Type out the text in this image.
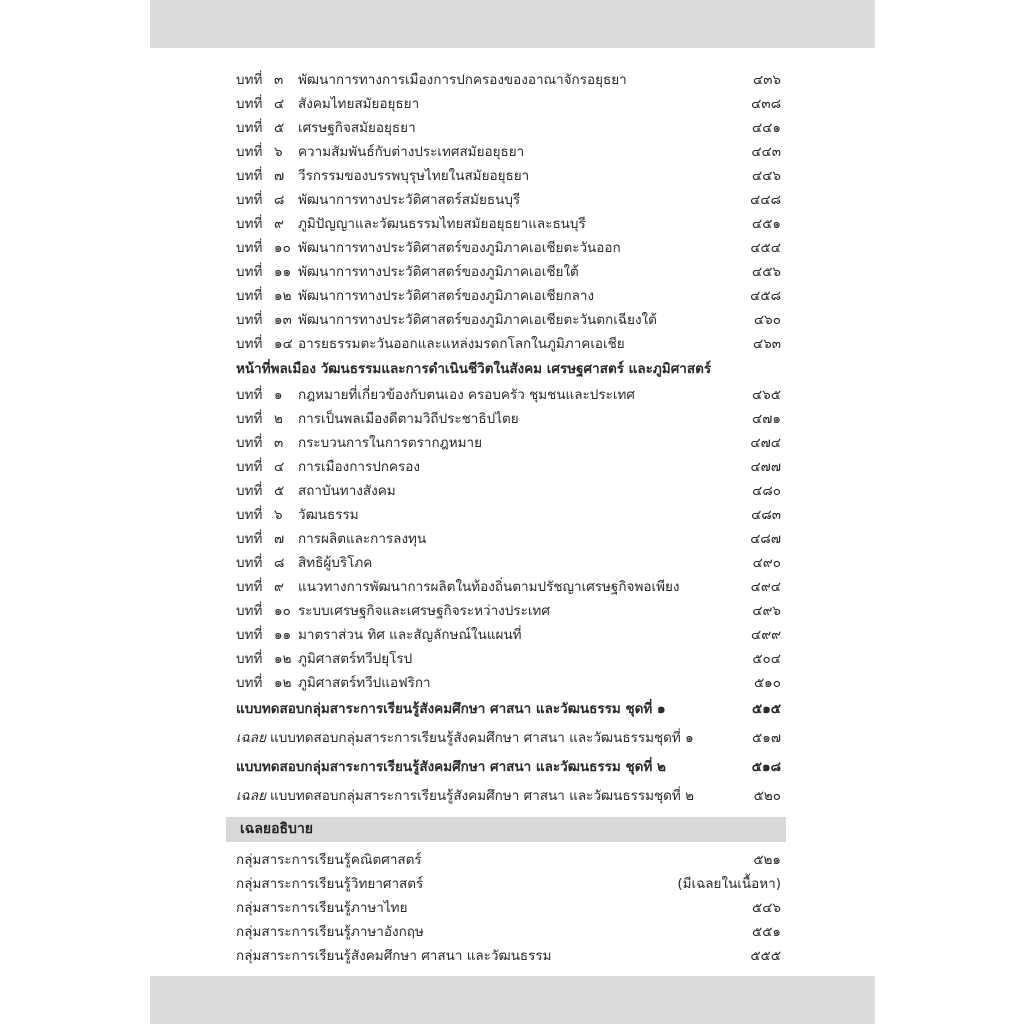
บทที่ ๓ พัฒนาการทางการเมืองการปกครองของอาณาจักรอยุธยา	๔๓๖
บทที่ ๔ สังคมไทยสมัยอยุธยา	๔๓๘
บทที่ ๕ เศรษฐกิจสมัยอยุธยา	๔๔๑
บทที่ ๖ ความสัมพันธ์กับต่างประเทศสมัยอยุธยา	๔๔๓
บทที่ ๗ วีรกรรมของบรรพบุรุษไทยในสมัยอยุธยา	๔๔๖
บทที่ ๘ พัฒนาการทางประวัติศาสตร์สมัยธนบุรี	๔๔๘
บทที่ ๙ ภูมิปัญญาและวัฒนธรรมไทยสมัยอยุธยาและธนบุรี	๔๕๑
บทที่ ๑๐ พัฒนาการทางประวัติศาสตร์ของภูมิภาคเอเชียตะวันออก	๔๕๔
บทที่ ๑๑ พัฒนาการทางประวัติศาสตร์ของภูมิภาคเอเชียใต้	๔๕๖
บทที่ ๑๒ พัฒนาการทางประวัติศาสตร์ของภูมิภาคเอเชียกลาง	๔๕๘
บทที่ ๑๓ พัฒนาการทางประวัติศาสตร์ของภูมิภาคเอเชียตะวันตกเฉียงใต้	๔๖๐
บทที่ ๑๔ อารยธรรมตะวันออกและแหล่งมรดกโลกในภูมิภาคเอเชีย	๔๖๓
หน้าที่พลเมือง วัฒนธรรมและการดำเนินชีวิตในสังคม เศรษฐศาสตร์ และภูมิศาสตร์
บทที่ ๑ กฎหมายที่เกี่ยวข้องกับตนเอง ครอบครัว ชุมชนและประเทศ	๔๖๕
บทที่ ๒ การเป็นพลเมืองดีตามวิถีประชาธิปไตย	๔๗๑
บทที่ ๓ กระบวนการในการตรากฎหมาย	๔๗๔
บทที่ ๔ การเมืองการปกครอง	๔๗๗
บทที่ ๕ สถาบันทางสังคม	๔๘๐
บทที่ ๖ วัฒนธรรม	๔๘๓
บทที่ ๗ การผลิตและการลงทุน	๔๘๗
บทที่ ๘ สิทธิผู้บริโภค	๔๙๐
บทที่ ๙ แนวทางการพัฒนาการผลิตในท้องถิ่นตามปรัชญาเศรษฐกิจพอเพียง	๔๙๔
บทที่ ๑๐ ระบบเศรษฐกิจและเศรษฐกิจระหว่างประเทศ	๔๙๖
บทที่ ๑๑ มาตราส่วน ทิศ และสัญลักษณ์ในแผนที่	๔๙๙
บทที่ ๑๒ ภูมิศาสตร์ทวีปยุโรป	๕๐๔
บทที่ ๑๒ ภูมิศาสตร์ทวีปแอฟริกา	๕๑๐
แบบทดสอบกลุ่มสาระการเรียนรู้สังคมศึกษา ศาสนา และวัฒนธรรม ชุดที่ ๑	๕๑๕
เฉลย แบบทดสอบกลุ่มสาระการเรียนรู้สังคมศึกษา ศาสนา และวัฒนธรรมชุดที่ ๑	๕๑๗
แบบทดสอบกลุ่มสาระการเรียนรู้สังคมศึกษา ศาสนา และวัฒนธรรม ชุดที่ ๒	๕๑๘
เฉลย แบบทดสอบกลุ่มสาระการเรียนรู้สังคมศึกษา ศาสนา และวัฒนธรรมชุดที่ ๒	๕๒๐
เฉลยอธิบาย
กลุ่มสาระการเรียนรู้คณิตศาสตร์	๕๒๑
กลุ่มสาระการเรียนรู้วิทยาศาสตร์	(มีเฉลยในเนื้อหา)
กลุ่มสาระการเรียนรู้ภาษาไทย	๕๔๖
กลุ่มสาระการเรียนรู้ภาษาอังกฤษ	๕๕๑
กลุ่มสาระการเรียนรู้สังคมศึกษา ศาสนา และวัฒนธรรม	๕๕๕
